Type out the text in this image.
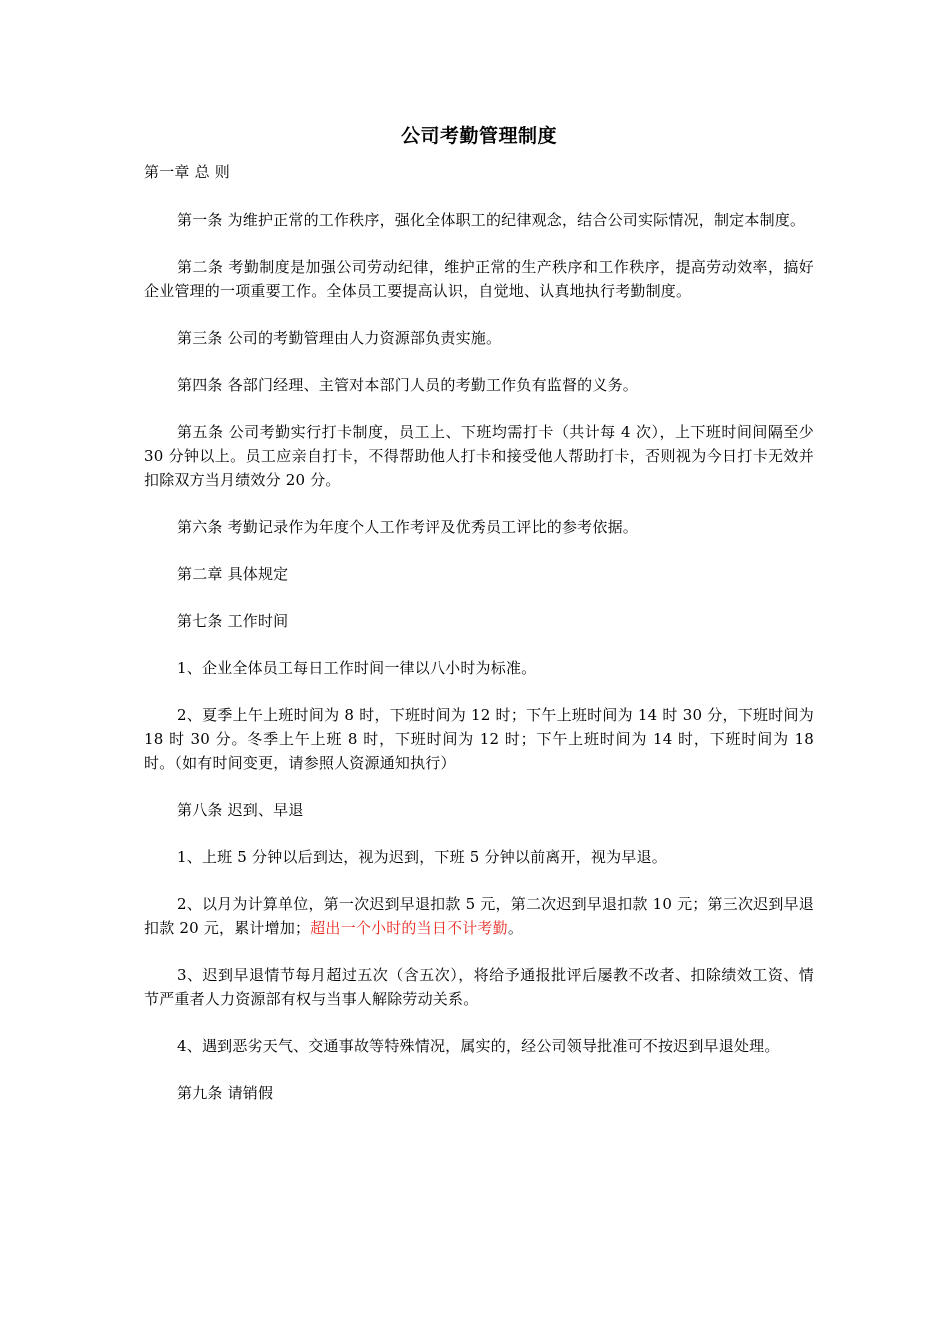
公司考勤管理制度
第一章 总 则
第一条 为维护正常的工作秩序，强化全体职工的纪律观念，结合公司实际情况，制定本制度。
第二条 考勤制度是加强公司劳动纪律，维护正常的生产秩序和工作秩序，提高劳动效率，搞好企业管理的一项重要工作。全体员工要提高认识，自觉地、认真地执行考勤制度。
第三条 公司的考勤管理由人力资源部负责实施。
第四条 各部门经理、主管对本部门人员的考勤工作负有监督的义务。
第五条 公司考勤实行打卡制度，员工上、下班均需打卡（共计每 4 次），上下班时间间隔至少 30 分钟以上。员工应亲自打卡，不得帮助他人打卡和接受他人帮助打卡，否则视为今日打卡无效并扣除双方当月绩效分 20 分。
第六条 考勤记录作为年度个人工作考评及优秀员工评比的参考依据。
第二章 具体规定
第七条 工作时间
1、企业全体员工每日工作时间一律以八小时为标准。
2、夏季上午上班时间为 8 时，下班时间为 12 时；下午上班时间为 14 时 30 分，下班时间为 18 时 30 分。冬季上午上班 8 时，下班时间为 12 时；下午上班时间为 14 时，下班时间为 18 时。（如有时间变更，请参照人资源通知执行）
第八条 迟到、早退
1、上班 5 分钟以后到达，视为迟到，下班 5 分钟以前离开，视为早退。
2、以月为计算单位，第一次迟到早退扣款 5 元，第二次迟到早退扣款 10 元；第三次迟到早退扣款 20 元，累计增加；超出一个小时的当日不计考勤。
3、迟到早退情节每月超过五次（含五次），将给予通报批评后屡教不改者、扣除绩效工资、情节严重者人力资源部有权与当事人解除劳动关系。
4、遇到恶劣天气、交通事故等特殊情况，属实的，经公司领导批准可不按迟到早退处理。
第九条 请销假
